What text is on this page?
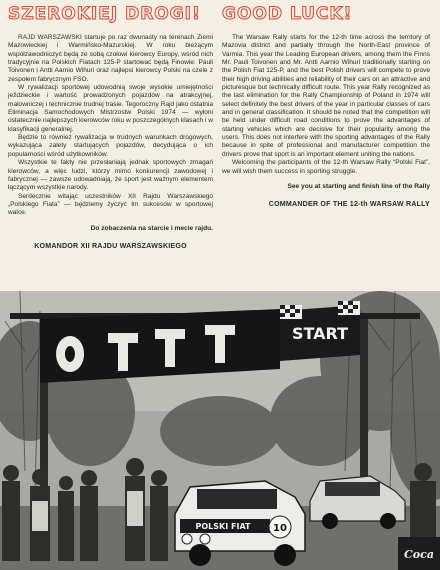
SZEROKIEJ DROGI!

RAJD WARSZAWSKI startuje po raz dwunasty na terenach Ziemi Mazowieckiej i Warmińsko-Mazurskiej. W roku bieżącym współzawodniczyć będą ze sobą czołowi kierowcy Europy, wśród nich tradycyjnie na Polskich Fiatach 125-P startować będą Finowie: Pauli Toivonen i Antti Aarnio Wihuri oraz najlepsi kierowcy Polski na czele z zespołem fabrycznym FSO.

W rywalizacji sportowej udowodnią swoje wysokie umiejętności jeździeckie i wartość prowadzonych pojazdów na atrakcyjnej, malowniczej i technicznie trudnej trasie. Tegoroczny Rajd jako ostatnia Eliminacja Samochodowych Mistrzostw Polski 1974 — wyłoni ostatecznie najlepszych kierowców roku w poszczególnych klasach i w klasyfikacji generalnej.

Będzie to również rywalizacja w trudnych warunkach drogowych, wykazująca zalety startujących pojazdów, decydująca o ich popularności wśród użytkowników.

Wszystkie te fakty nie przesłaniają jednak sportowych zmagań kierowców, a więc ludzi, którzy mimo konkurencji zawodowej i fabrycznej — zawsze udowadniają, że sport jest ważnym elementem łączącym wszystkie narody.

Serdecznie witając uczestników XII Rajdu Warszawskiego „Polskiego Fiata” — będziemy życzyć Im sukcesów w sportowej walce.

Do zobaczenia na starcie i mecie rajdu.
KOMANDOR XII RAJDU WARSZAWSKIEGO
GOOD LUCK!

The Warsaw Rally starts for the 12-th time across the territory of Mazovia district and partially through the North-East province of Varmia. This year the Leading European drivers, among them the Finns Mr. Pauli Toivonen and Mr. Antti Aarnio Wihuri traditionally starting on the Polish Fiat 125-P, and the best Polish drivers will compete to prove their high driving abilities and reliability of their cars on an attractive and picturesque but technically difficult route. This year Rally recognized as the last elimination for the Rally Championship of Poland in 1974 will select definitely the best drivers of the year in particular classes of cars and in general classification. It should be noted that the competition will be held under difficult road conditions to prove the advantages of starting vehicles which are decisive for their popularity among the users. This does not interfere with the sporting advantages of the Rally because in spite of professional and manufacturer competition the drivers prove that sport is an important element uniting the nations.

Welcoming the participants of the 12-th Warsaw Rally “Polski Fiat”, we will wish them success in sporting struggle.

See you at starting and finish line of the Rally
COMMANDER OF THE 12-th WARSAW RALLY
START
POLSKI FIAT 10
Coca
